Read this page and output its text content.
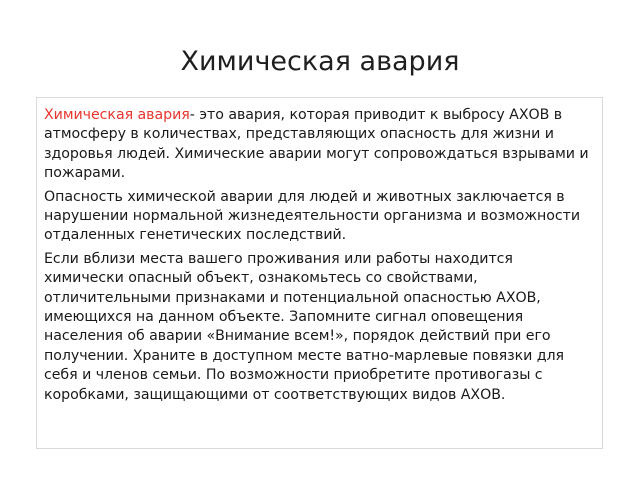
Химическая авария

Химическая авария- это авария, которая приводит к выбросу АХОВ в атмосферу в количествах, представляющих опасность для жизни и здоровья людей. Химические аварии могут сопровождаться взрывами и пожарами.

Опасность химической аварии для людей и животных заключается в нарушении нормальной жизнедеятельности организма и возможности отдаленных генетических последствий.

Если вблизи места вашего проживания или работы находится химически опасный объект, ознакомьтесь со свойствами, отличительными признаками и потенциальной опасностью АХОВ, имеющихся на данном объекте. Запомните сигнал оповещения населения об аварии «Внимание всем!», порядок действий при его получении. Храните в доступном месте ватно-марлевые повязки для себя и членов семьи. По возможности приобретите противогазы с коробками, защищающими от соответствующих видов АХОВ.
